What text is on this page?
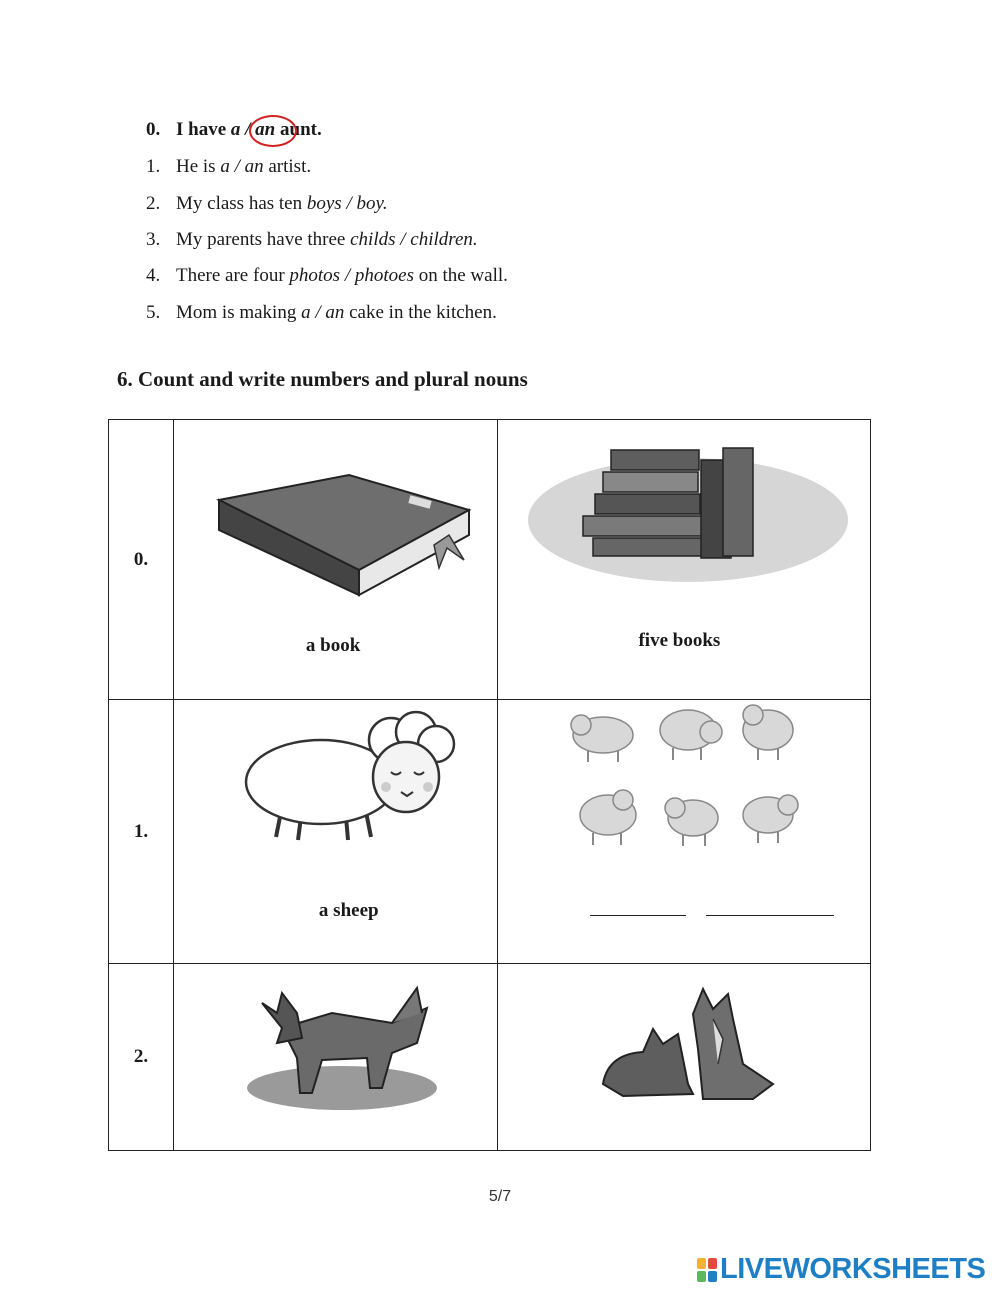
0. I have a / an aunt.
1. He is a / an artist.
2. My class has ten boys / boy.
3. My parents have three childs / children.
4. There are four photos / photoes on the wall.
5. Mom is making a / an cake in the kitchen.
6. Count and write numbers and plural nouns
0.	a book	five books

1.	a sheep

2.	

5/7
LIVEWORKSHEETS
